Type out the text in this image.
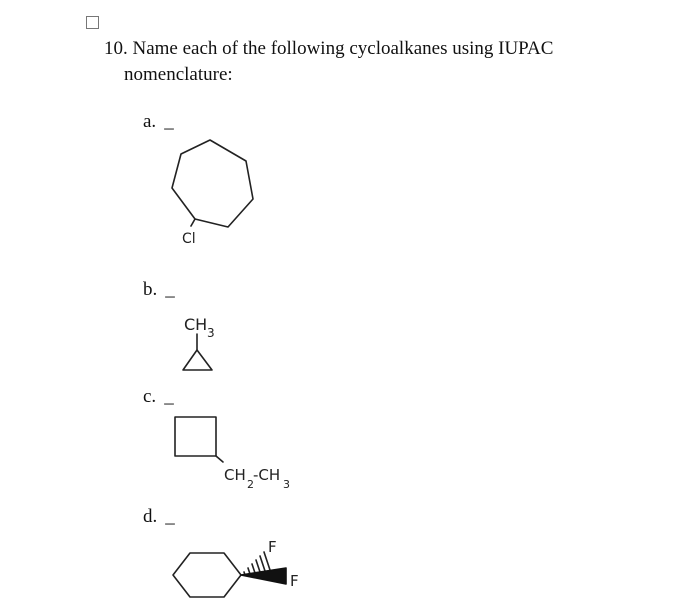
10. Name each of the following cycloalkanes using IUPAC
nomenclature:
a. _
Cl
b. _
CH 3
c. _
CH
2
-CH
3
d. _
F
F
